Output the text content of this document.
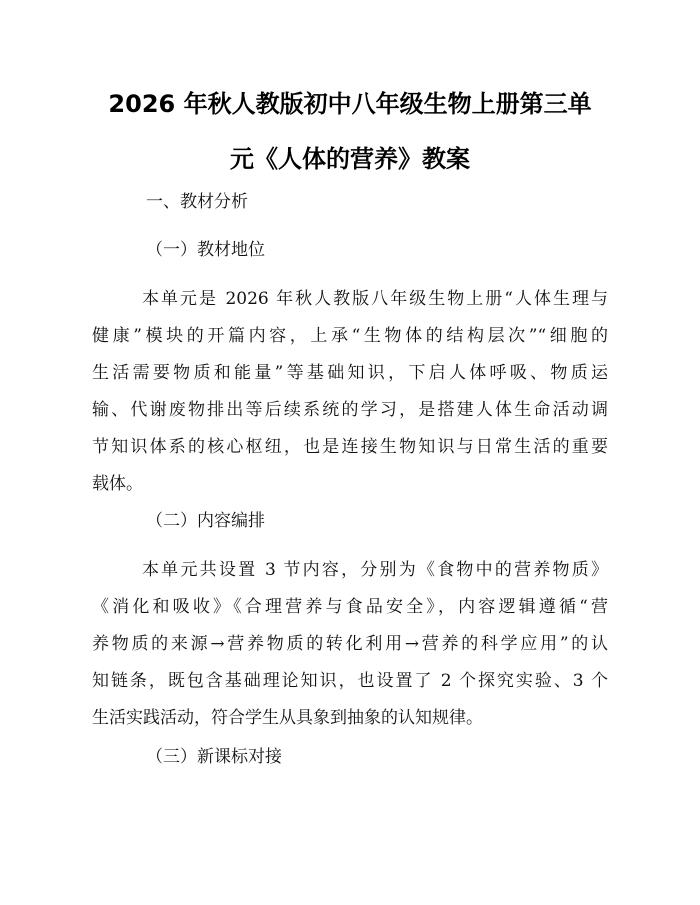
2026 年秋人教版初中八年级生物上册第三单
元《人体的营养》教案
一、教材分析
（一）教材地位
本单元是 2026 年秋人教版八年级生物上册“人体生理与
健康”模块的开篇内容，上承“生物体的结构层次”“细胞的
生活需要物质和能量”等基础知识，下启人体呼吸、物质运
输、代谢废物排出等后续系统的学习，是搭建人体生命活动调
节知识体系的核心枢纽，也是连接生物知识与日常生活的重要
载体。
（二）内容编排
本单元共设置 3 节内容，分别为《食物中的营养物质》
《消化和吸收》《合理营养与食品安全》，内容逻辑遵循“营
养物质的来源→营养物质的转化利用→营养的科学应用”的认
知链条，既包含基础理论知识，也设置了 2 个探究实验、3 个
生活实践活动，符合学生从具象到抽象的认知规律。
（三）新课标对接
